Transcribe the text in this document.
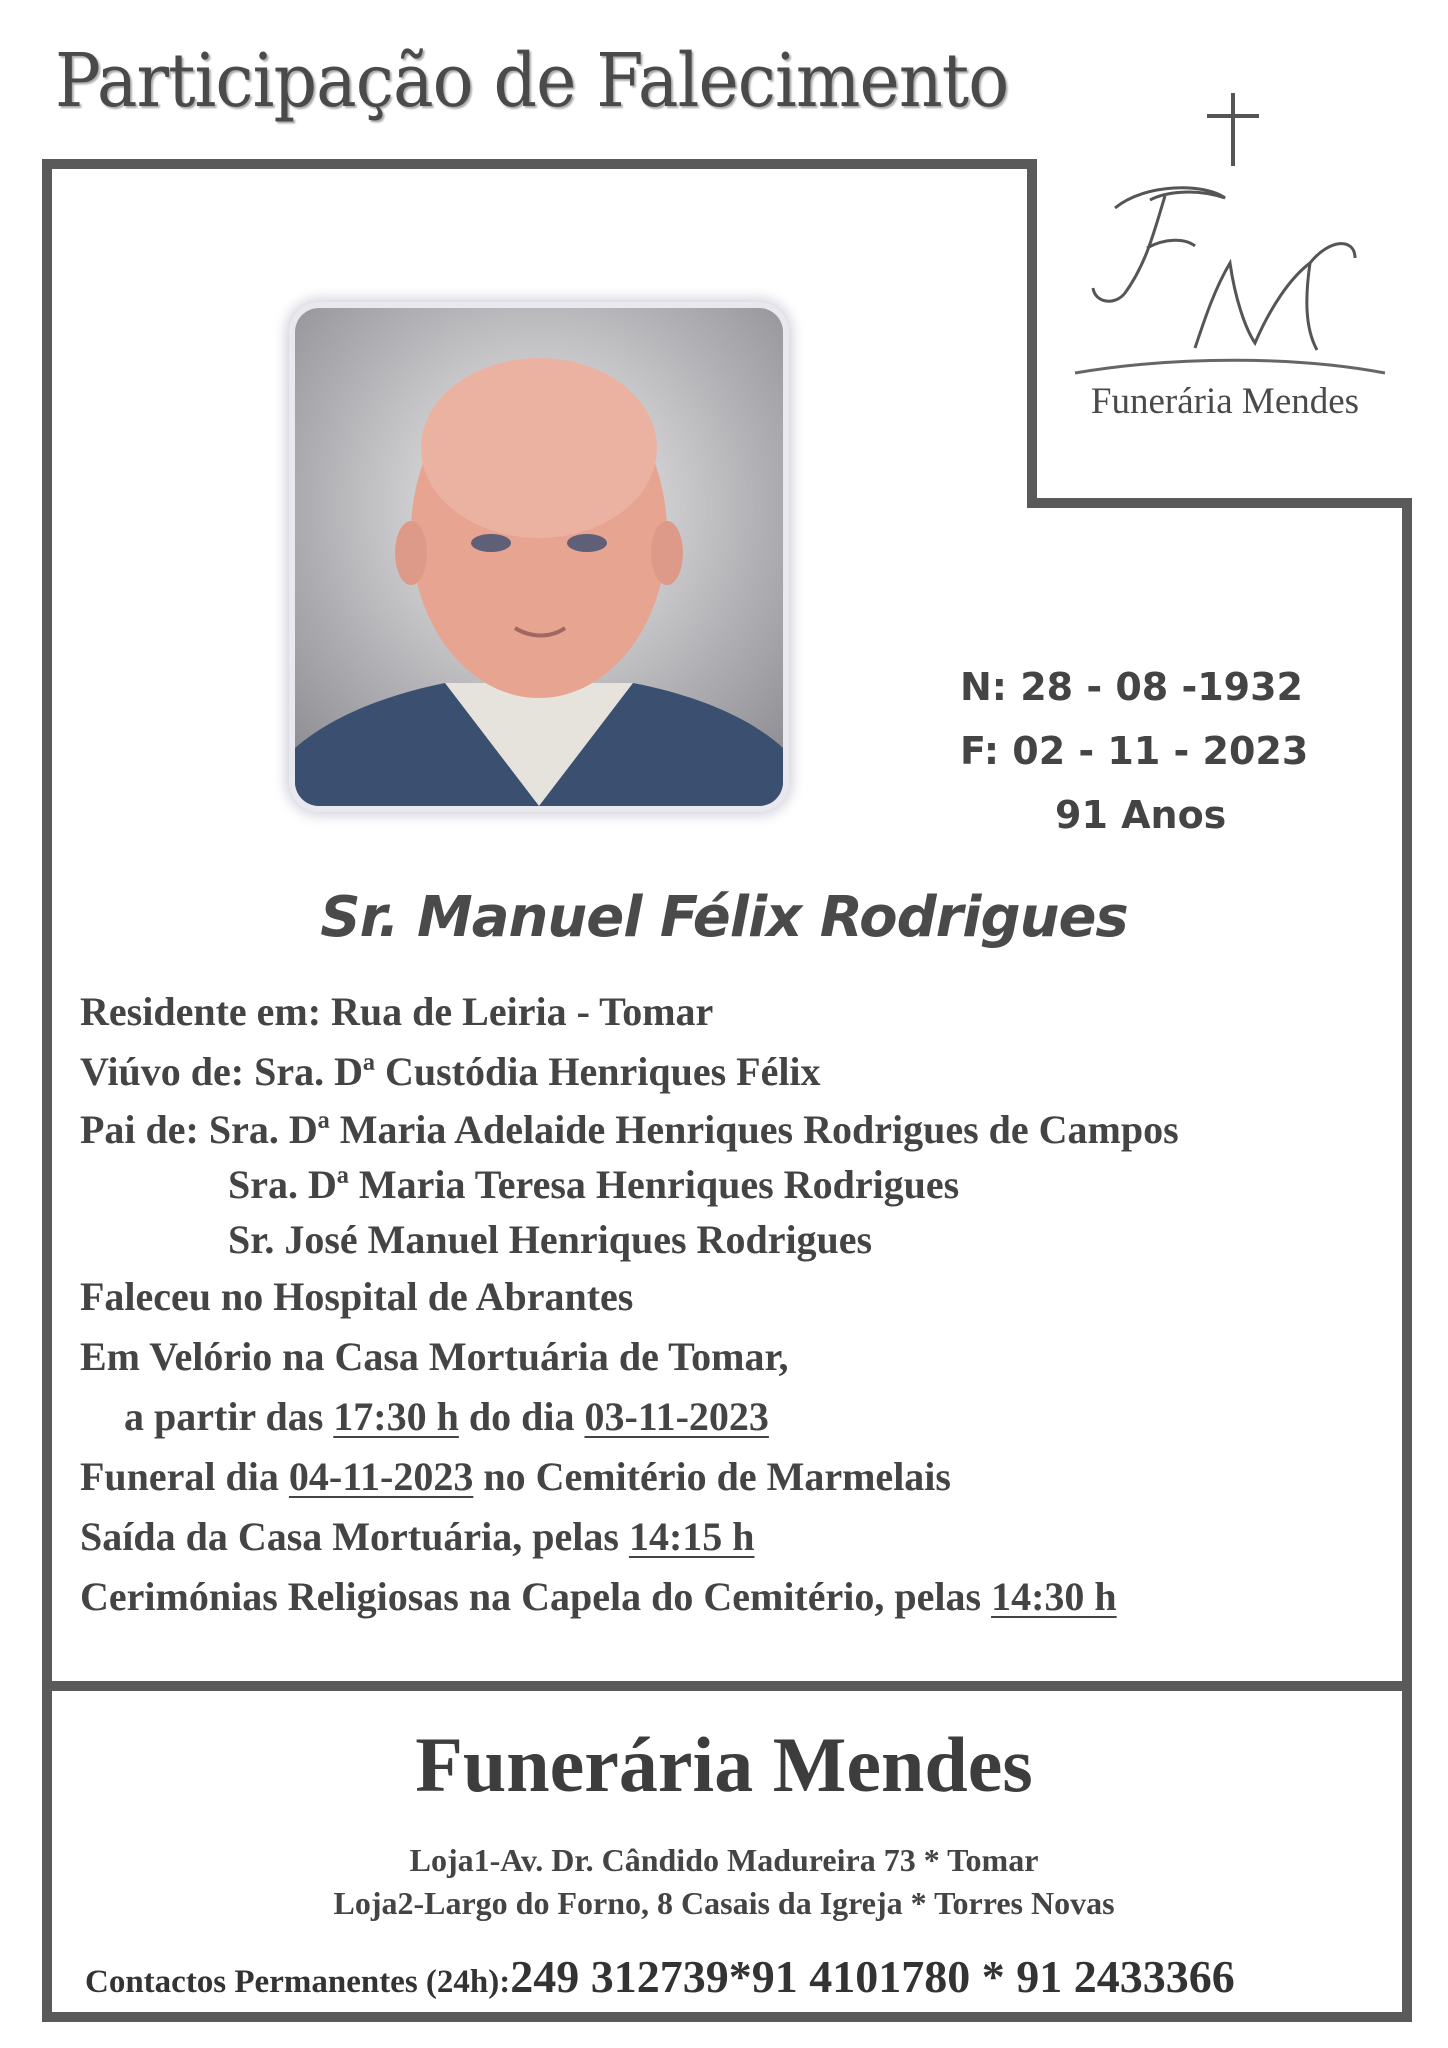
Participação de Falecimento
Funerária Mendes
N: 28 - 08 -1932
F: 02 - 11 - 2023
91 Anos
Sr. Manuel Félix Rodrigues
Residente em: Rua de Leiria - Tomar
Viúvo de: Sra. Dª Custódia Henriques Félix
Pai de: Sra. Dª Maria Adelaide Henriques Rodrigues de Campos
Sra. Dª Maria Teresa Henriques Rodrigues
Sr. José Manuel Henriques Rodrigues
Faleceu no Hospital de Abrantes
Em Velório na Casa Mortuária de Tomar,
a partir das 17:30 h do dia 03-11-2023
Funeral dia 04-11-2023 no Cemitério de Marmelais
Saída da Casa Mortuária, pelas 14:15 h
Cerimónias Religiosas na Capela do Cemitério, pelas 14:30 h
Funerária Mendes
Loja1-Av. Dr. Cândido Madureira 73 * Tomar
Loja2-Largo do Forno, 8 Casais da Igreja * Torres Novas
Contactos Permanentes (24h):249 312739*91 4101780 * 91 2433366
